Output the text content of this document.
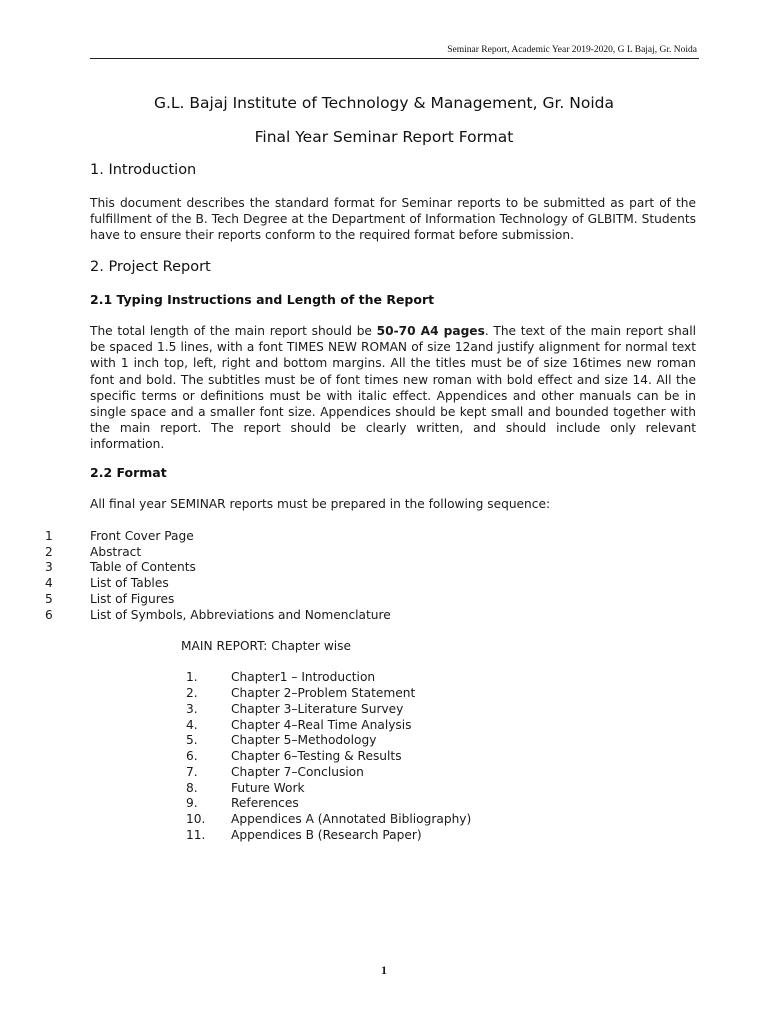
Seminar Report, Academic Year 2019-2020, G L Bajaj, Gr. Noida
G.L. Bajaj Institute of Technology & Management, Gr. Noida
Final Year Seminar Report Format
1. Introduction
This document describes the standard format for Seminar reports to be submitted as part of the fulfillment of the B. Tech Degree at the Department of Information Technology of GLBITM. Students have to ensure their reports conform to the required format before submission.
2. Project Report
2.1 Typing Instructions and Length of the Report
The total length of the main report should be 50-70 A4 pages. The text of the main report shall be spaced 1.5 lines, with a font TIMES NEW ROMAN of size 12and justify alignment for normal text with 1 inch top, left, right and bottom margins. All the titles must be of size 16times new roman font and bold. The subtitles must be of font times new roman with bold effect and size 14. All the specific terms or definitions must be with italic effect. Appendices and other manuals can be in single space and a smaller font size. Appendices should be kept small and bounded together with the main report. The report should be clearly written, and should include only relevant information.
2.2 Format
All final year SEMINAR reports must be prepared in the following sequence:
1	Front Cover Page
2	Abstract
3	Table of Contents
4	List of Tables
5	List of Figures
6	List of Symbols, Abbreviations and Nomenclature
MAIN REPORT: Chapter wise
1.	Chapter1 – Introduction
2.	Chapter 2–Problem Statement
3.	Chapter 3–Literature Survey
4.	Chapter 4–Real Time Analysis
5.	Chapter 5–Methodology
6.	Chapter 6–Testing & Results
7.	Chapter 7–Conclusion
8.	Future Work
9.	References
10. Appendices A (Annotated Bibliography)
11. Appendices B (Research Paper)
1
